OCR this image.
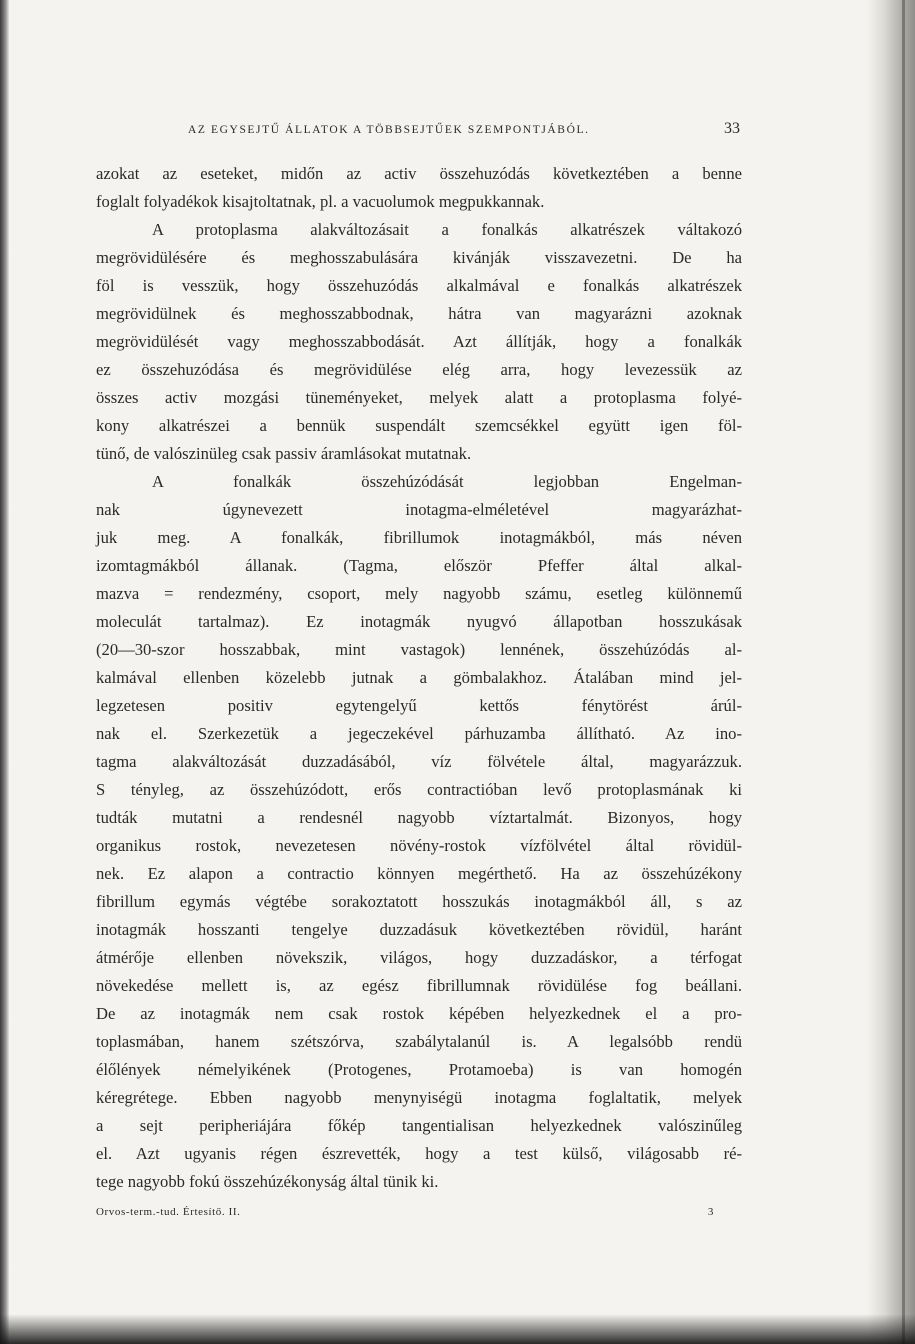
AZ EGYSEJTŰ ÁLLATOK A TÖBBSEJTŰEK SZEMPONTJÁBÓL.	33
azokat az eseteket, midőn az activ összehuzódás következtében a benne
foglalt folyadékok kisajtoltatnak, pl. a vacuolumok megpukkannak.
A protoplasma alakváltozásait a fonalkás alkatrészek váltakozó
megrövidülésére és meghosszabulására kivánják visszavezetni. De ha
föl is vesszük, hogy összehuzódás alkalmával e fonalkás alkatrészek
megrövidülnek és meghosszabbodnak, hátra van magyarázni azoknak
megrövidülését vagy meghosszabbodását. Azt állítják, hogy a fonalkák
ez összehuzódása és megrövidülése elég arra, hogy levezessük az
összes activ mozgási tüneményeket, melyek alatt a protoplasma folyé-
kony alkatrészei a bennük suspendált szemcsékkel együtt igen föl-
tünő, de valószinüleg csak passiv áramlásokat mutatnak.
A fonalkák összehúzódását legjobban Engelman-
nak úgynevezett inotagma-elméletével magyarázhat-
juk meg. A fonalkák, fibrillumok inotagmákból, más néven
izomtagmákból állanak. (Tagma, először Pfeffer által alkal-
mazva = rendezmény, csoport, mely nagyobb számu, esetleg különnemű
moleculát tartalmaz). Ez inotagmák nyugvó állapotban hosszukásak
(20—30-szor hosszabbak, mint vastagok) lennének, összehúzódás al-
kalmával ellenben közelebb jutnak a gömbalakhoz. Átalában mind jel-
legzetesen positiv egytengelyű kettős fénytörést árúl-
nak el. Szerkezetük a jegeczekével párhuzamba állítható. Az ino-
tagma alakváltozását duzzadásából, víz fölvétele által, magyarázzuk.
S tényleg, az összehúzódott, erős contractióban levő protoplasmának ki
tudták mutatni a rendesnél nagyobb víztartalmát. Bizonyos, hogy
organikus rostok, nevezetesen növény-rostok vízfölvétel által rövidül-
nek. Ez alapon a contractio könnyen megérthető. Ha az összehúzékony
fibrillum egymás végtébe sorakoztatott hosszukás inotagmákból áll, s az
inotagmák hosszanti tengelye duzzadásuk következtében rövidül, haránt
átmérője ellenben növekszik, világos, hogy duzzadáskor, a térfogat
növekedése mellett is, az egész fibrillumnak rövidülése fog beállani.
De az inotagmák nem csak rostok képében helyezkednek el a pro-
toplasmában, hanem szétszórva, szabálytalanúl is. A legalsóbb rendü
élőlények némelyikének (Protogenes, Protamoeba) is van homogén
kéregrétege. Ebben nagyobb menynyiségü inotagma foglaltatik, melyek
a sejt peripheriájára főkép tangentialisan helyezkednek valószinűleg
el. Azt ugyanis régen észrevették, hogy a test külső, világosabb ré-
tege nagyobb fokú összehúzékonyság által tünik ki.
Orvos-term.-tud. Értesítő. II.	3
